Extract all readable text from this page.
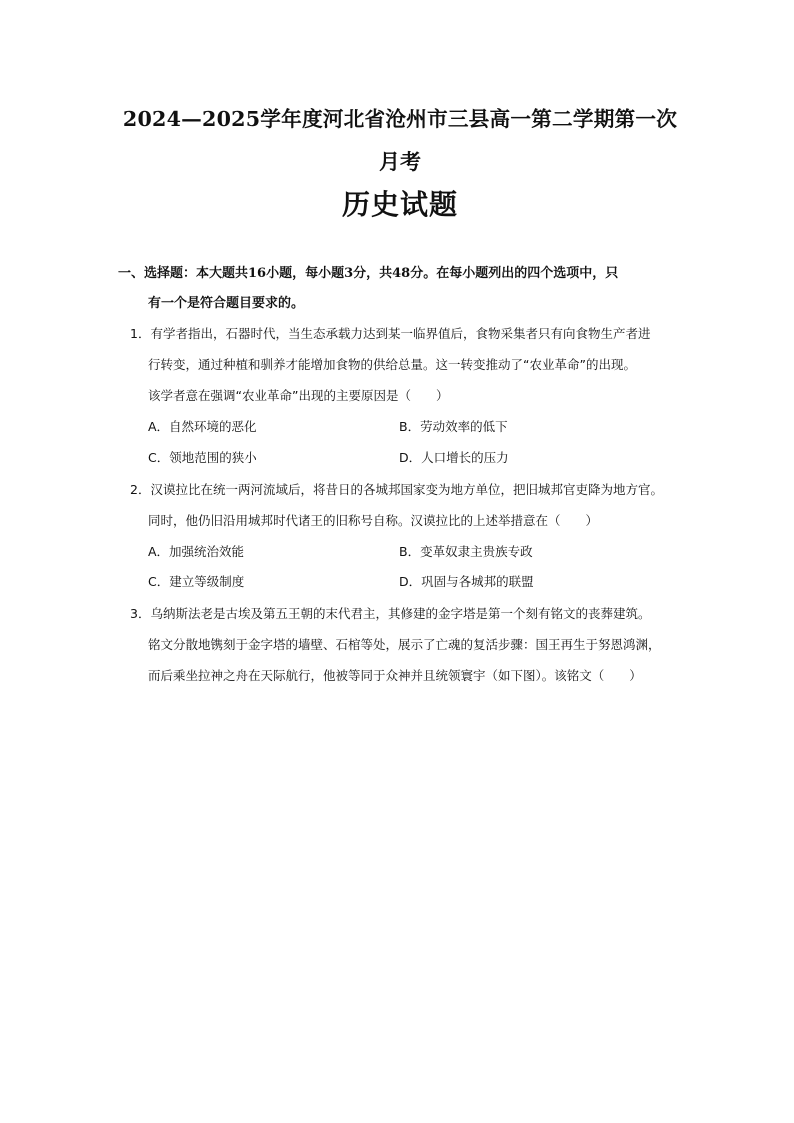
2024—2025学年度河北省沧州市三县高一第二学期第一次
月考
历史试题
一、选择题：本大题共16小题，每小题3分，共48分。在每小题列出的四个选项中，只
有一个是符合题目要求的。
1．有学者指出，石器时代，当生态承载力达到某一临界值后，食物采集者只有向食物生产者进
行转变，通过种植和驯养才能增加食物的供给总量。这一转变推动了“农业革命”的出现。
该学者意在强调“农业革命”出现的主要原因是（　　）
A．自然环境的恶化	B．劳动效率的低下
C．领地范围的狭小	D．人口增长的压力
2．汉谟拉比在统一两河流域后，将昔日的各城邦国家变为地方单位，把旧城邦官吏降为地方官。
同时，他仍旧沿用城邦时代诸王的旧称号自称。汉谟拉比的上述举措意在（　　）
A．加强统治效能	B．变革奴隶主贵族专政
C．建立等级制度	D．巩固与各城邦的联盟
3．乌纳斯法老是古埃及第五王朝的末代君主，其修建的金字塔是第一个刻有铭文的丧葬建筑。
铭文分散地镌刻于金字塔的墙壁、石棺等处，展示了亡魂的复活步骤：国王再生于努恩鸿渊，
而后乘坐拉神之舟在天际航行，他被等同于众神并且统领寰宇（如下图）。该铭文（　　）
